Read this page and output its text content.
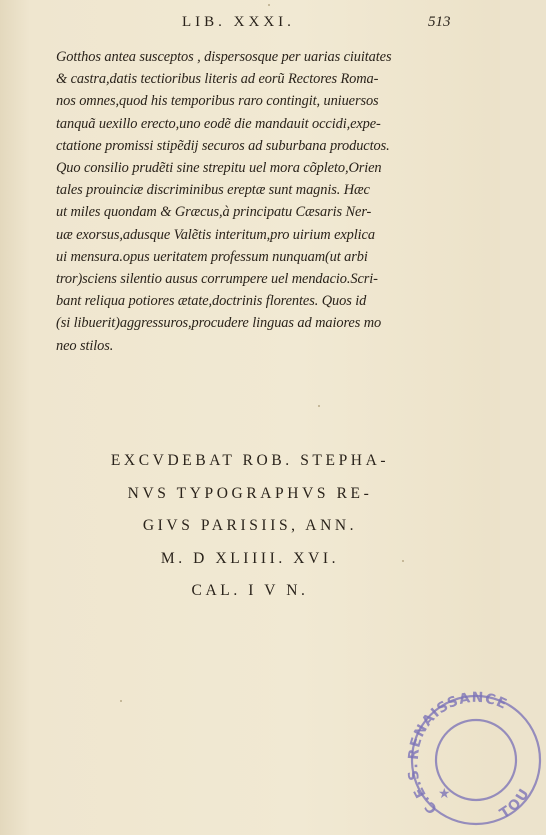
LIB. XXXI.	513
Gotthos antea susceptos , dispersosque per uarias ciuitates
& castra,datis tectioribus literis ad eorũ Rectores Roma-
nos omnes,quod his temporibus raro contingit, uniuersos
tanquã uexillo erecto,uno eodẽ die mandauit occidi,expe-
ctatione promissi stipẽdij securos ad suburbana productos.
Quo consilio prudẽti sine strepitu uel mora cõpleto,Orien
tales prouinciæ discriminibus ereptæ sunt magnis. Hæc
ut miles quondam & Græcus,à principatu Cæsaris Ner-
uæ exorsus,adusque Valẽtis interitum,pro uirium explica
ui mensura.opus ueritatem professum nunquam(ut arbi
tror)sciens silentio ausus corrumpere uel mendacio.Scri-
bant reliqua potiores ætate,doctrinis florentes. Quos id
(si libuerit)aggressuros,procudere linguas ad maiores mo
neo stilos.
EXCVDEBAT ROB. STEPHA-
NVS TYPOGRAPHVS RE-
GIVS PARISIIS, ANN.
M. D XLIIII. XVI.
CAL. I V N.
RENAISSANCE
C.E.S.
TOU
★
